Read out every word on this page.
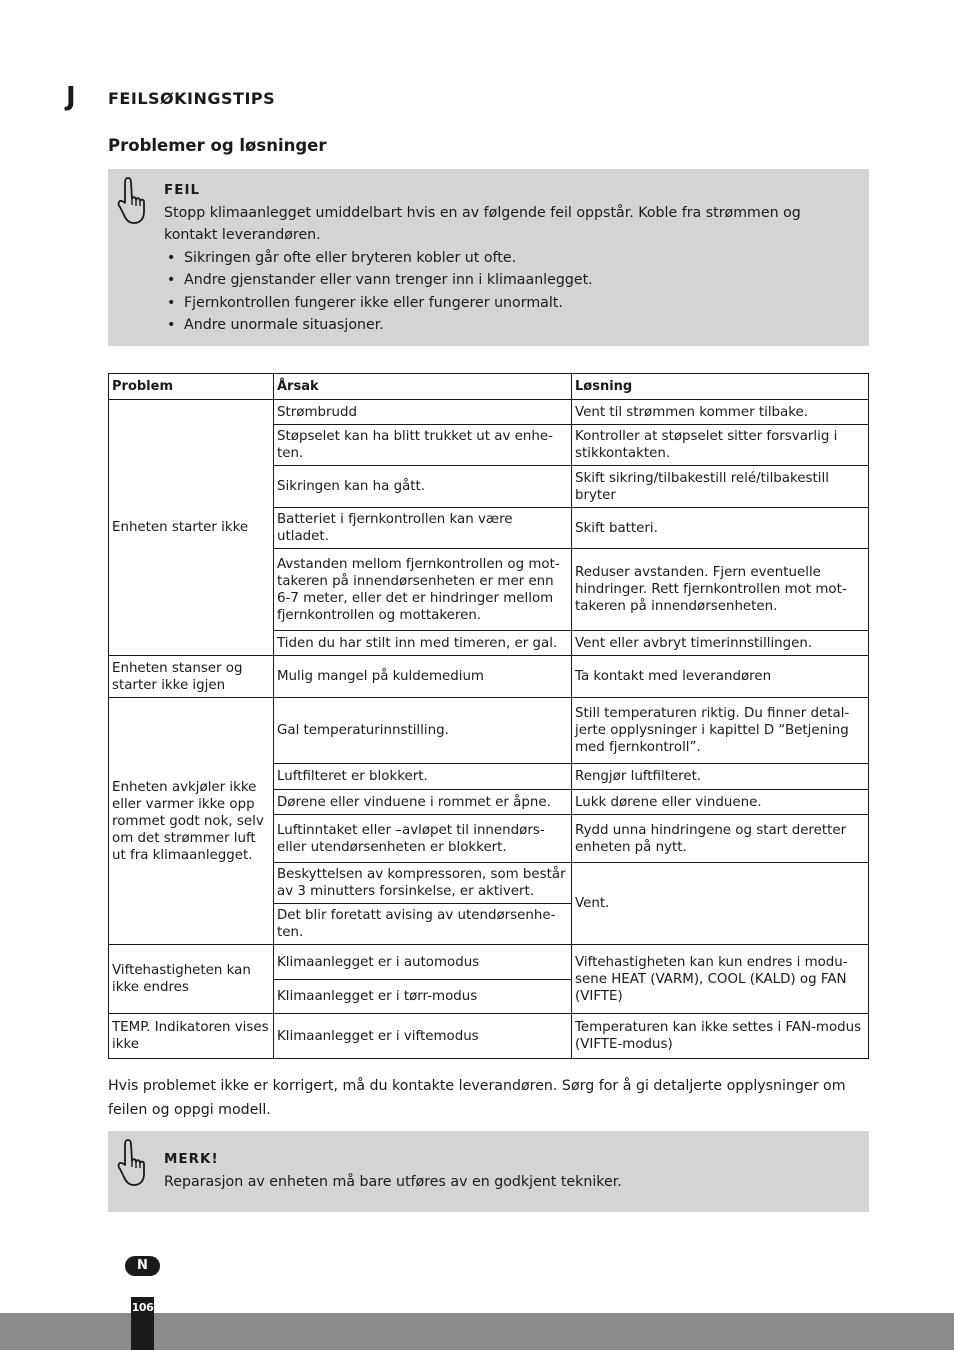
J FEILSØKINGSTIPS
Problemer og løsninger
FEIL
Stopp klimaanlegget umiddelbart hvis en av følgende feil oppstår. Koble fra strømmen og kontakt leverandøren.
• Sikringen går ofte eller bryteren kobler ut ofte.
• Andre gjenstander eller vann trenger inn i klimaanlegget.
• Fjernkontrollen fungerer ikke eller fungerer unormalt.
• Andre unormale situasjoner.
Problem	Årsak	Løsning
Enheten starter ikke	Strømbrudd	Vent til strømmen kommer tilbake.
	Støpselet kan ha blitt trukket ut av enhe-ten.	Kontroller at støpselet sitter forsvarlig i stikkontakten.
	Sikringen kan ha gått.	Skift sikring/tilbakestill relé/tilbakestill bryter
	Batteriet i fjernkontrollen kan være utladet.	Skift batteri.
	Avstanden mellom fjernkontrollen og mot-takeren på innendørsenheten er mer enn 6-7 meter, eller det er hindringer mellom fjernkontrollen og mottakeren.	Reduser avstanden. Fjern eventuelle hindringer. Rett fjernkontrollen mot mot-takeren på innendørsenheten.
	Tiden du har stilt inn med timeren, er gal.	Vent eller avbryt timerinnstillingen.
Enheten stanser og starter ikke igjen	Mulig mangel på kuldemedium	Ta kontakt med leverandøren
Enheten avkjøler ikke eller varmer ikke opp rommet godt nok, selv om det strømmer luft ut fra klimaanlegget.	Gal temperaturinnstilling.	Still temperaturen riktig. Du finner detal-jerte opplysninger i kapittel D “Betjening med fjernkontroll”.
	Luftfilteret er blokkert.	Rengjør luftfilteret.
	Dørene eller vinduene i rommet er åpne.	Lukk dørene eller vinduene.
	Luftinntaket eller –avløpet til innendørs- eller utendørsenheten er blokkert.	Rydd unna hindringene og start deretter enheten på nytt.
	Beskyttelsen av kompressoren, som består av 3 minutters forsinkelse, er aktivert.	Vent.
	Det blir foretatt avising av utendørsenhe-ten.	
Viftehastigheten kan ikke endres	Klimaanlegget er i automodus	Viftehastigheten kan kun endres i modu-sene HEAT (VARM), COOL (KALD) og FAN (VIFTE)
	Klimaanlegget er i tørr-modus	
TEMP. Indikatoren vises ikke	Klimaanlegget er i viftemodus	Temperaturen kan ikke settes i FAN-modus (VIFTE-modus)
Hvis problemet ikke er korrigert, må du kontakte leverandøren. Sørg for å gi detaljerte opplysninger om feilen og oppgi modell.
MERK!
Reparasjon av enheten må bare utføres av en godkjent tekniker.
N
106
